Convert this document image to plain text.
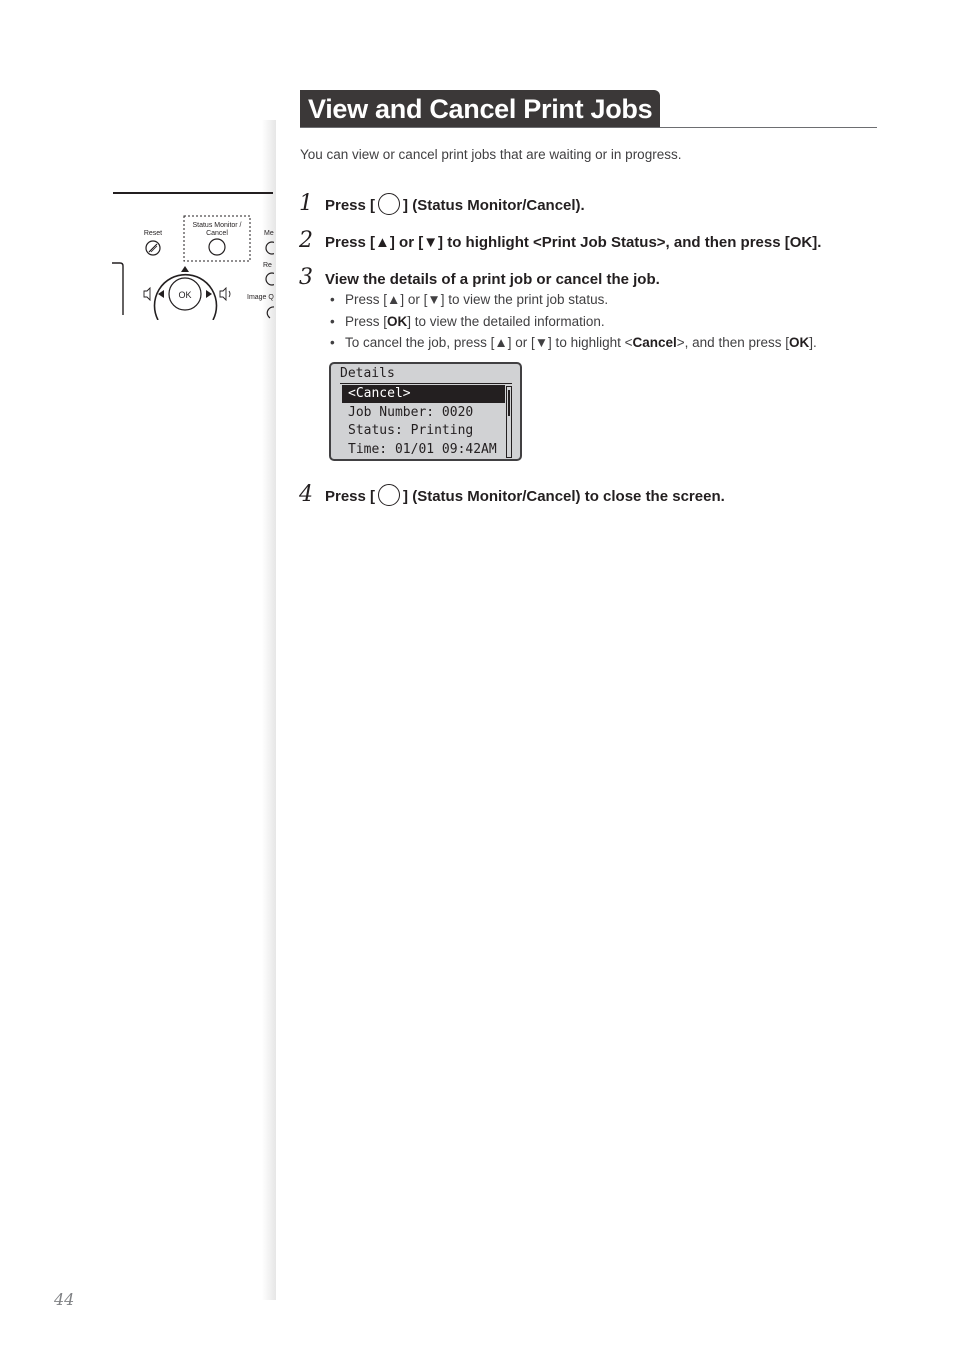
Status Monitor /
Cancel
Reset	Me
Re
Image Q
OK
View and Cancel Print Jobs
You can view or cancel print jobs that are waiting or in progress.
1 Press [ ] (Status Monitor/Cancel).
2 Press [▲] or [▼] to highlight <Print Job Status>, and then press [OK].
3 View the details of a print job or cancel the job.
• Press [▲] or [▼] to view the print job status.
• Press [OK] to view the detailed information.
• To cancel the job, press [▲] or [▼] to highlight <Cancel>, and then press [OK].
Details
<Cancel>
Job Number: 0020
Status: Printing
Time: 01/01 09:42AM
4 Press [ ] (Status Monitor/Cancel) to close the screen.
44
